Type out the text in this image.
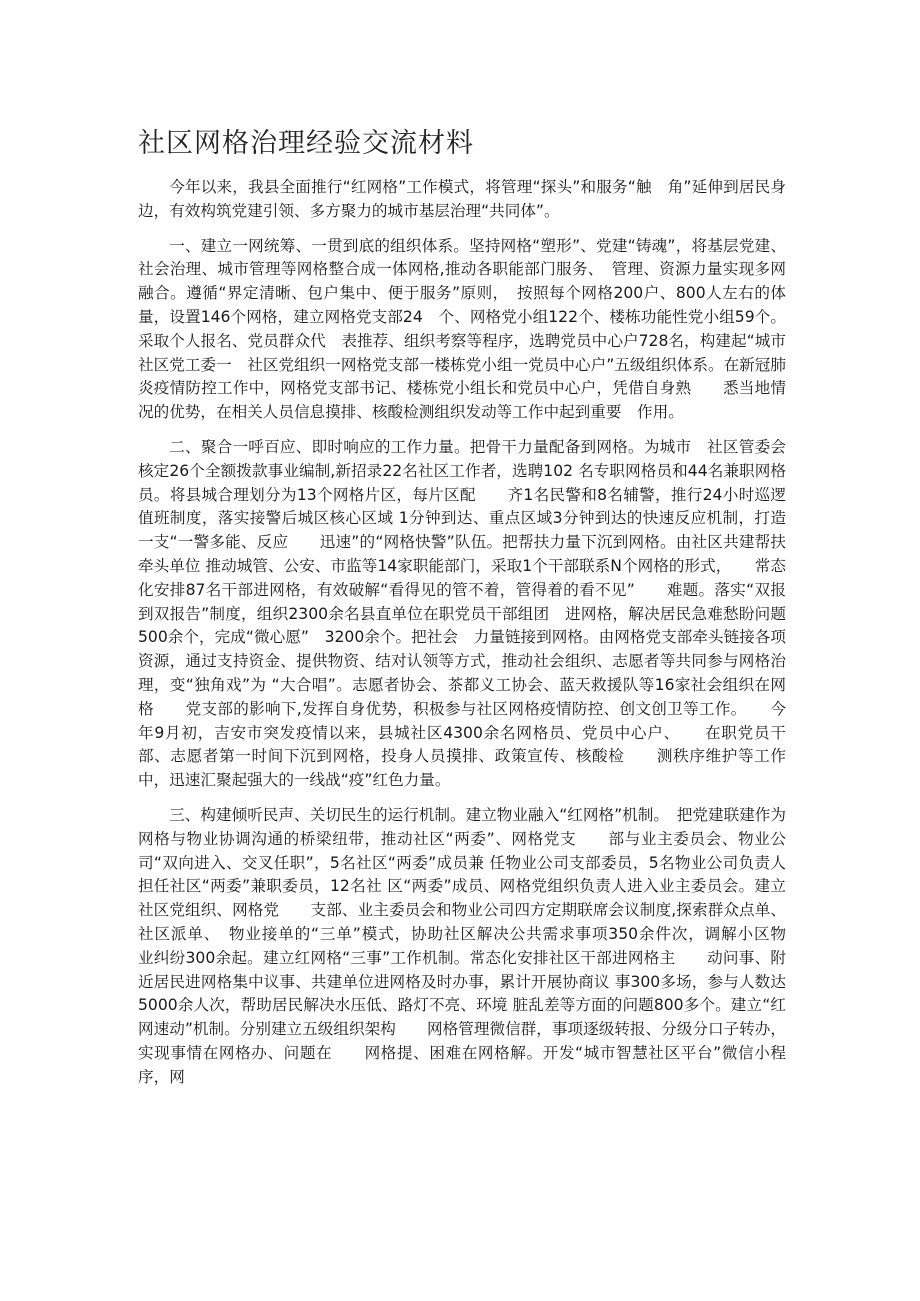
社区网格治理经验交流材料

今年以来，我县全面推行“红网格”工作模式，将管理“探头”和服务“触　角”延伸到居民身边，有效构筑党建引领、多方聚力的城市基层治理“共同体”。

一、建立一网统筹、一贯到底的组织体系。坚持网格“塑形”、党建“铸魂”，将基层党建、社会治理、城市管理等网格整合成一体网格,推动各职能部门服务、　管理、资源力量实现多网融合。遵循“界定清晰、包户集中、便于服务”原则，　按照每个网格200户、800人左右的体量，设置146个网格，建立网格党支部24　个、网格党小组122个、楼栋功能性党小组59个。采取个人报名、党员群众代　表推荐、组织考察等程序，选聘党员中心户728名，构建起“城市社区党工委一　社区党组织一网格党支部一楼栋党小组一党员中心户”五级组织体系。在新冠肺　　炎疫情防控工作中，网格党支部书记、楼栋党小组长和党员中心户，凭借自身熟　　悉当地情况的优势，在相关人员信息摸排、核酸检测组织发动等工作中起到重要　作用。

二、聚合一呼百应、即时响应的工作力量。把骨干力量配备到网格。为城市　社区管委会核定26个全额拨款事业编制,新招录22名社区工作者，选聘102 名专职网格员和44名兼职网格员。将县城合理划分为13个网格片区，每片区配　　齐1名民警和8名辅警，推行24小时巡逻值班制度，落实接警后城区核心区域 1分钟到达、重点区域3分钟到达的快速反应机制，打造一支“一警多能、反应　　迅速”的“网格快警”队伍。把帮扶力量下沉到网格。由社区共建帮扶牵头单位 推动城管、公安、市监等14家职能部门，采取1个干部联系N个网格的形式，　　常态化安排87名干部进网格，有效破解“看得见的管不着，管得着的看不见”　　难题。落实“双报到双报告”制度，组织2300余名县直单位在职党员干部组团　进网格，解决居民急难愁盼问题500余个，完成“微心愿”　3200余个。把社会　力量链接到网格。由网格党支部牵头链接各项资源，通过支持资金、提供物资、结对认领等方式，推动社会组织、志愿者等共同参与网格治理，变“独角戏”为 “大合唱”。志愿者协会、茶都义工协会、蓝天救援队等16家社会组织在网格　　党支部的影响下,发挥自身优势，积极参与社区网格疫情防控、创文创卫等工作。　　今年9月初，吉安市突发疫情以来，县城社区4300余名网格员、党员中心户、　　在职党员干部、志愿者第一时间下沉到网格，投身人员摸排、政策宣传、核酸检　　测秩序维护等工作中，迅速汇聚起强大的一线战“疫”红色力量。

三、构建倾听民声、关切民生的运行机制。建立物业融入“红网格”机制。　把党建联建作为网格与物业协调沟通的桥梁纽带，推动社区“两委”、网格党支　　部与业主委员会、物业公司“双向进入、交叉任职”，5名社区“两委”成员兼 任物业公司支部委员，5名物业公司负责人担任社区“两委”兼职委员，12名社 区“两委”成员、网格党组织负责人进入业主委员会。建立社区党组织、网格党　　支部、业主委员会和物业公司四方定期联席会议制度,探索群众点单、社区派单、　物业接单的“三单”模式，协助社区解决公共需求事项350余件次，调解小区物　　业纠纷300余起。建立红网格“三事”工作机制。常态化安排社区干部进网格主　　动问事、附近居民进网格集中议事、共建单位进网格及时办事，累计开展协商议 事300多场，参与人数达5000余人次，帮助居民解决水压低、路灯不亮、环境 脏乱差等方面的问题800多个。建立“红网速动”机制。分别建立五级组织架构　　网格管理微信群，事项逐级转报、分级分口子转办，实现事情在网格办、问题在　　网格提、困难在网格解。开发“城市智慧社区平台”微信小程序，网
